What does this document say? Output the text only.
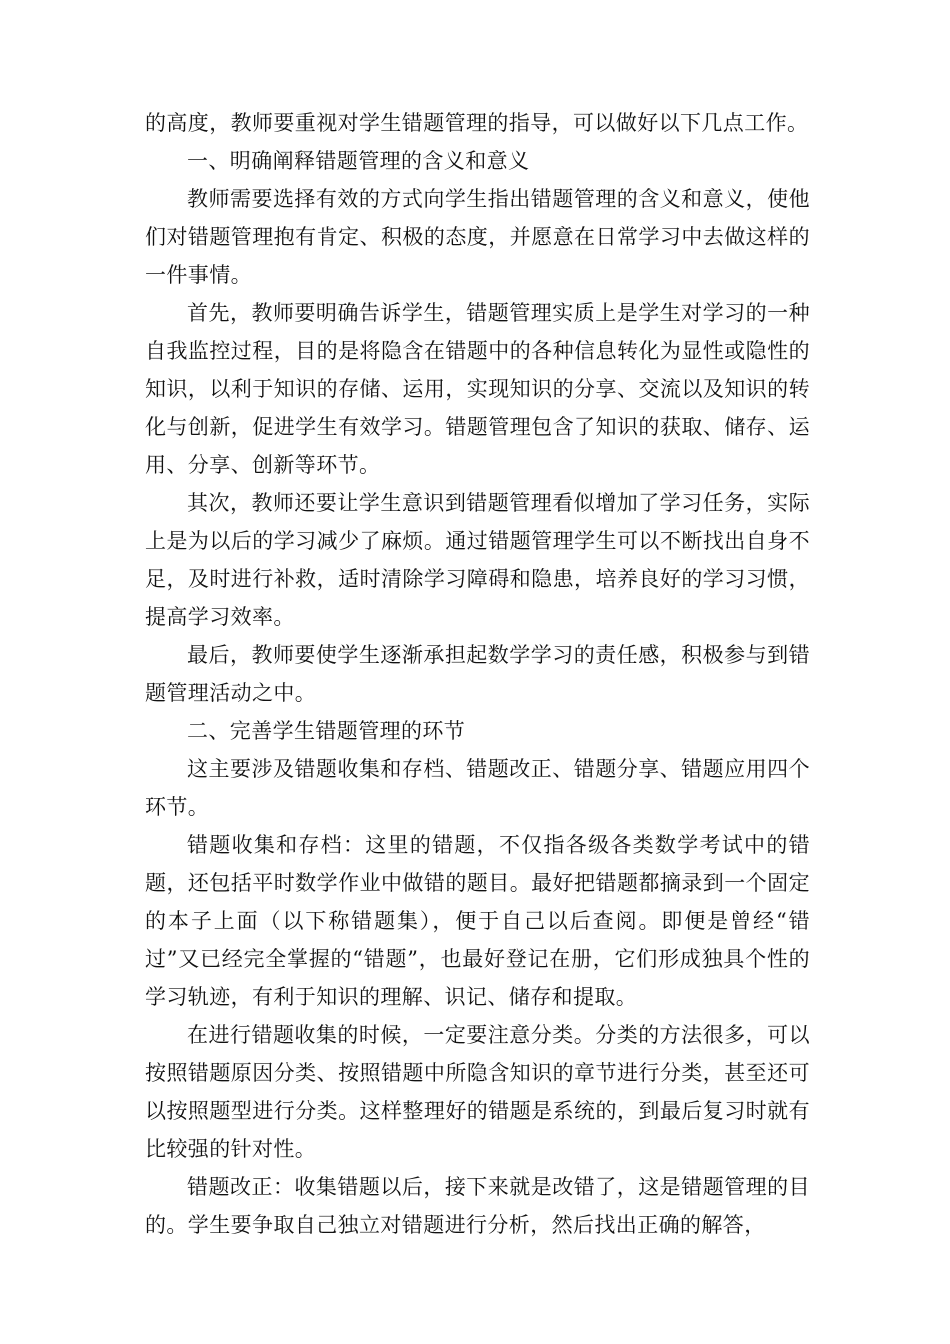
的高度，教师要重视对学生错题管理的指导，可以做好以下几点工作。

一、明确阐释错题管理的含义和意义

教师需要选择有效的方式向学生指出错题管理的含义和意义，使他们对错题管理抱有肯定、积极的态度，并愿意在日常学习中去做这样的一件事情。

首先，教师要明确告诉学生，错题管理实质上是学生对学习的一种自我监控过程，目的是将隐含在错题中的各种信息转化为显性或隐性的知识，以利于知识的存储、运用，实现知识的分享、交流以及知识的转化与创新，促进学生有效学习。错题管理包含了知识的获取、储存、运用、分享、创新等环节。

其次，教师还要让学生意识到错题管理看似增加了学习任务，实际上是为以后的学习减少了麻烦。通过错题管理学生可以不断找出自身不足，及时进行补救，适时清除学习障碍和隐患，培养良好的学习习惯，提高学习效率。

最后，教师要使学生逐渐承担起数学学习的责任感，积极参与到错题管理活动之中。

二、完善学生错题管理的环节

这主要涉及错题收集和存档、错题改正、错题分享、错题应用四个环节。

错题收集和存档：这里的错题，不仅指各级各类数学考试中的错题，还包括平时数学作业中做错的题目。最好把错题都摘录到一个固定的本子上面（以下称错题集），便于自己以后查阅。即便是曾经“错过”又已经完全掌握的“错题”，也最好登记在册，它们形成独具个性的学习轨迹，有利于知识的理解、识记、储存和提取。

在进行错题收集的时候，一定要注意分类。分类的方法很多，可以按照错题原因分类、按照错题中所隐含知识的章节进行分类，甚至还可以按照题型进行分类。这样整理好的错题是系统的，到最后复习时就有比较强的针对性。

错题改正：收集错题以后，接下来就是改错了，这是错题管理的目的。学生要争取自己独立对错题进行分析，然后找出正确的解答，
